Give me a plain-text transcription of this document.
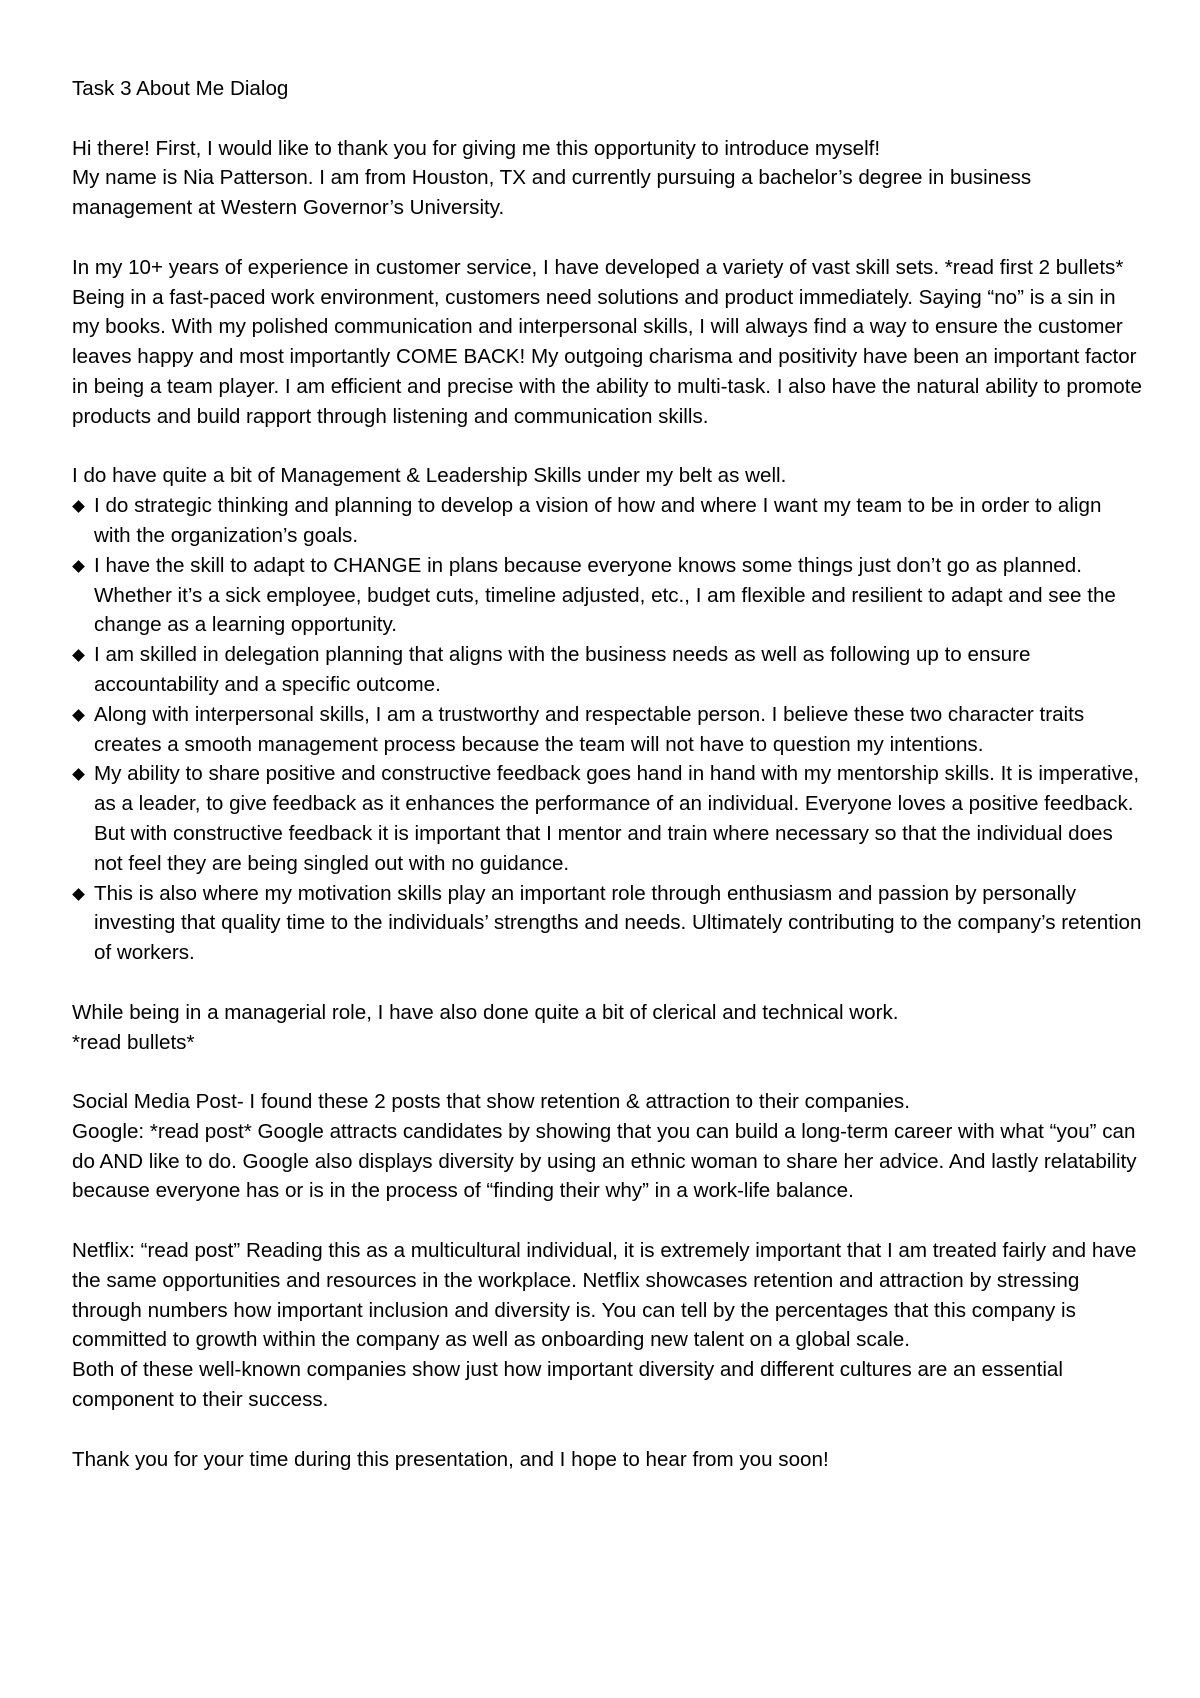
Task 3 About Me Dialog

Hi there! First, I would like to thank you for giving me this opportunity to introduce myself!

My name is Nia Patterson. I am from Houston, TX and currently pursuing a bachelor’s degree in business management at Western Governor’s University.

In my 10+ years of experience in customer service, I have developed a variety of vast skill sets. *read first 2 bullets*

Being in a fast-paced work environment, customers need solutions and product immediately. Saying “no” is a sin in my books. With my polished communication and interpersonal skills, I will always find a way to ensure the customer leaves happy and most importantly COME BACK! My outgoing charisma and positivity have been an important factor in being a team player. I am efficient and precise with the ability to multi-task. I also have the natural ability to promote products and build rapport through listening and communication skills.

I do have quite a bit of Management & Leadership Skills under my belt as well.

I do strategic thinking and planning to develop a vision of how and where I want my team to be in order to align with the organization’s goals.
I have the skill to adapt to CHANGE in plans because everyone knows some things just don’t go as planned. Whether it’s a sick employee, budget cuts, timeline adjusted, etc., I am flexible and resilient to adapt and see the change as a learning opportunity.
I am skilled in delegation planning that aligns with the business needs as well as following up to ensure accountability and a specific outcome.
Along with interpersonal skills, I am a trustworthy and respectable person. I believe these two character traits creates a smooth management process because the team will not have to question my intentions.
My ability to share positive and constructive feedback goes hand in hand with my mentorship skills. It is imperative, as a leader, to give feedback as it enhances the performance of an individual. Everyone loves a positive feedback. But with constructive feedback it is important that I mentor and train where necessary so that the individual does not feel they are being singled out with no guidance.
This is also where my motivation skills play an important role through enthusiasm and passion by personally investing that quality time to the individuals’ strengths and needs. Ultimately contributing to the company’s retention of workers.

While being in a managerial role, I have also done quite a bit of clerical and technical work.

*read bullets*

Social Media Post- I found these 2 posts that show retention & attraction to their companies.

Google: *read post* Google attracts candidates by showing that you can build a long-term career with what “you” can do AND like to do. Google also displays diversity by using an ethnic woman to share her advice. And lastly relatability because everyone has or is in the process of “finding their why” in a work-life balance.

Netflix: “read post” Reading this as a multicultural individual, it is extremely important that I am treated fairly and have the same opportunities and resources in the workplace. Netflix showcases retention and attraction by stressing through numbers how important inclusion and diversity is. You can tell by the percentages that this company is committed to growth within the company as well as onboarding new talent on a global scale.

Both of these well-known companies show just how important diversity and different cultures are an essential component to their success.

Thank you for your time during this presentation, and I hope to hear from you soon!
